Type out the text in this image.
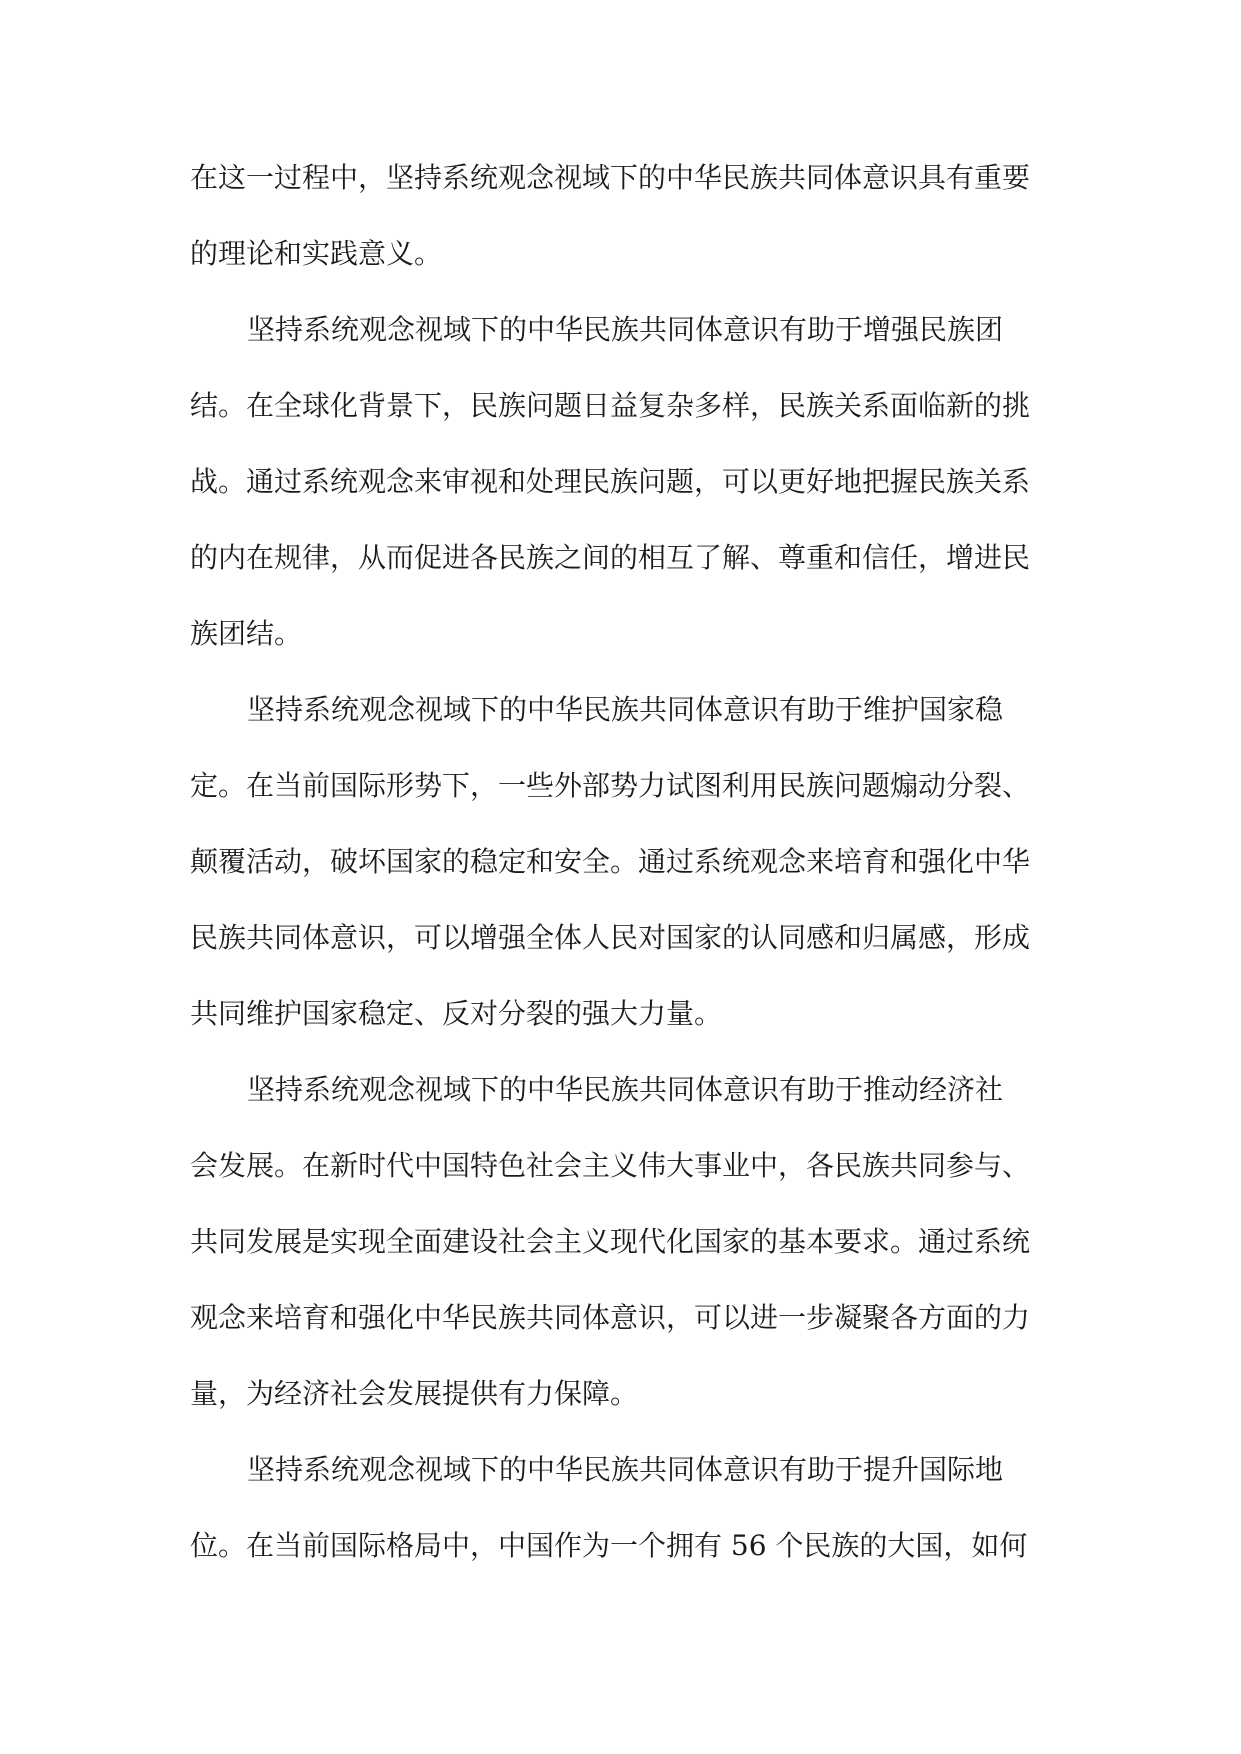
在这一过程中，坚持系统观念视域下的中华民族共同体意识具有重要
的理论和实践意义。
坚持系统观念视域下的中华民族共同体意识有助于增强民族团
结。在全球化背景下，民族问题日益复杂多样，民族关系面临新的挑
战。通过系统观念来审视和处理民族问题，可以更好地把握民族关系
的内在规律，从而促进各民族之间的相互了解、尊重和信任，增进民
族团结。
坚持系统观念视域下的中华民族共同体意识有助于维护国家稳
定。在当前国际形势下，一些外部势力试图利用民族问题煽动分裂、
颠覆活动，破坏国家的稳定和安全。通过系统观念来培育和强化中华
民族共同体意识，可以增强全体人民对国家的认同感和归属感，形成
共同维护国家稳定、反对分裂的强大力量。
坚持系统观念视域下的中华民族共同体意识有助于推动经济社
会发展。在新时代中国特色社会主义伟大事业中，各民族共同参与、
共同发展是实现全面建设社会主义现代化国家的基本要求。通过系统
观念来培育和强化中华民族共同体意识，可以进一步凝聚各方面的力
量，为经济社会发展提供有力保障。
坚持系统观念视域下的中华民族共同体意识有助于提升国际地
位。在当前国际格局中，中国作为一个拥有 56 个民族的大国，如何
